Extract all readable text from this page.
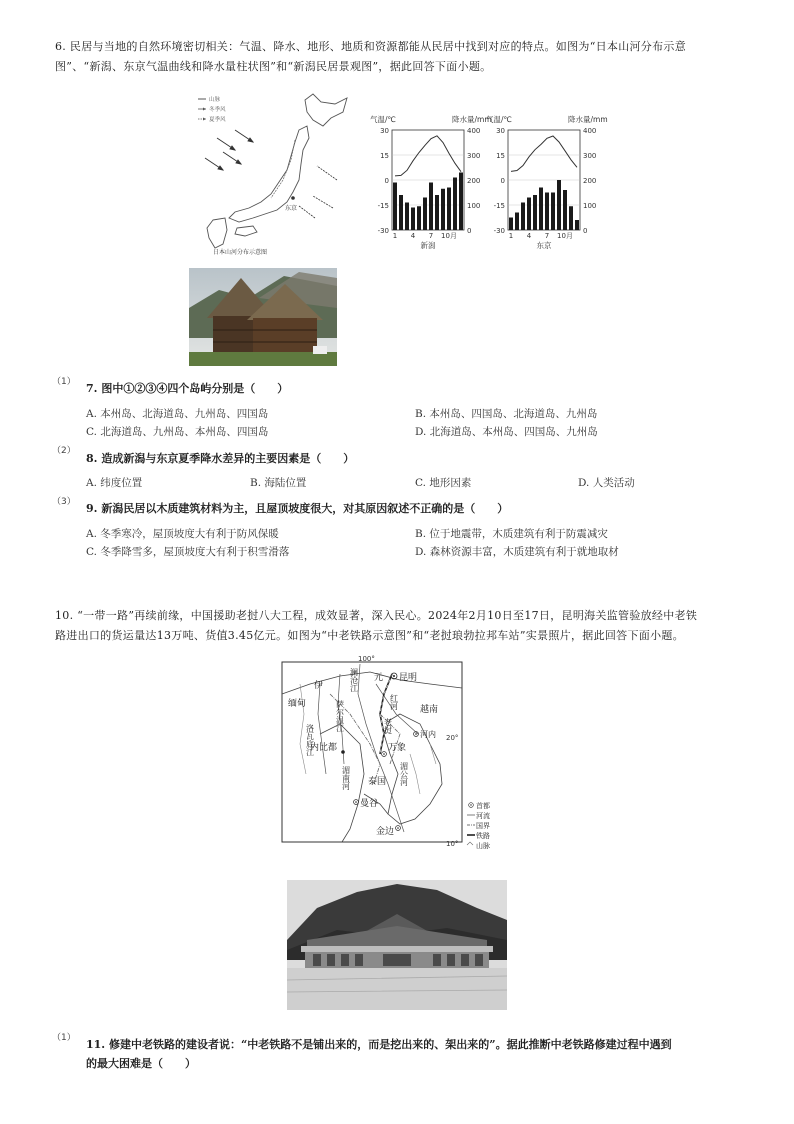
6. 民居与当地的自然环境密切相关：气温、降水、地形、地质和资源都能从民居中找到对应的特点。如图为“日本山河分布示意
图”、“新潟、东京气温曲线和降水量柱状图”和“新潟民居景观图”，据此回答下面小题。
山脉
冬季风
夏季风
东京
日本山河分布示意图
气温/℃	降水量/mm
30
15
0
-15
-30
400
300
200
100
0
1 4 7 10月
新潟
气温/℃	降水量/mm
30
15
0
-15
-30
400
300
200
100
0
1 4 7 10月
东京
（1） 7. 图中①②③④四个岛屿分别是（　　）
A. 本州岛、北海道岛、九州岛、四国岛	B. 本州岛、四国岛、北海道岛、九州岛
C. 北海道岛、九州岛、本州岛、四国岛	D. 北海道岛、本州岛、四国岛、九州岛
（2）
8. 造成新潟与东京夏季降水差异的主要因素是（　　）
A. 纬度位置	B. 海陆位置	C. 地形因素	D. 人类活动
（3） 9. 新潟民居以木质建筑材料为主，且屋顶坡度很大，对其原因叙述不正确的是（　　）
A. 冬季寒冷，屋顶坡度大有利于防风保暖	B. 位于地震带，木质建筑有利于防震减灾
C. 冬季降雪多，屋顶坡度大有利于积雪滑落	D. 森林资源丰富，木质建筑有利于就地取材
10. “一带一路”再续前缘，中国援助老挝八大工程，成效显著，深入民心。2024年2月10日至17日，昆明海关监管验放经中老铁
路进出口的货运量达13万吨、货值3.45亿元。如图为“中老铁路示意图”和“老挝琅勃拉邦车站”实景照片，据此回答下面小题。
100°
20°
10°
昆明
元
澜沧江
伊
缅甸	萨尔温江
洛瓦底江
内比都
红河 越南
老挝
河内
万象
湄南河 泰国 湄公河
曼谷
金边
首都
河流
国界
铁路
山脉
（1） 11. 修建中老铁路的建设者说：“中老铁路不是铺出来的，而是挖出来的、架出来的”。据此推断中老铁路修建过程中遇到
的最大困难是（　　）
